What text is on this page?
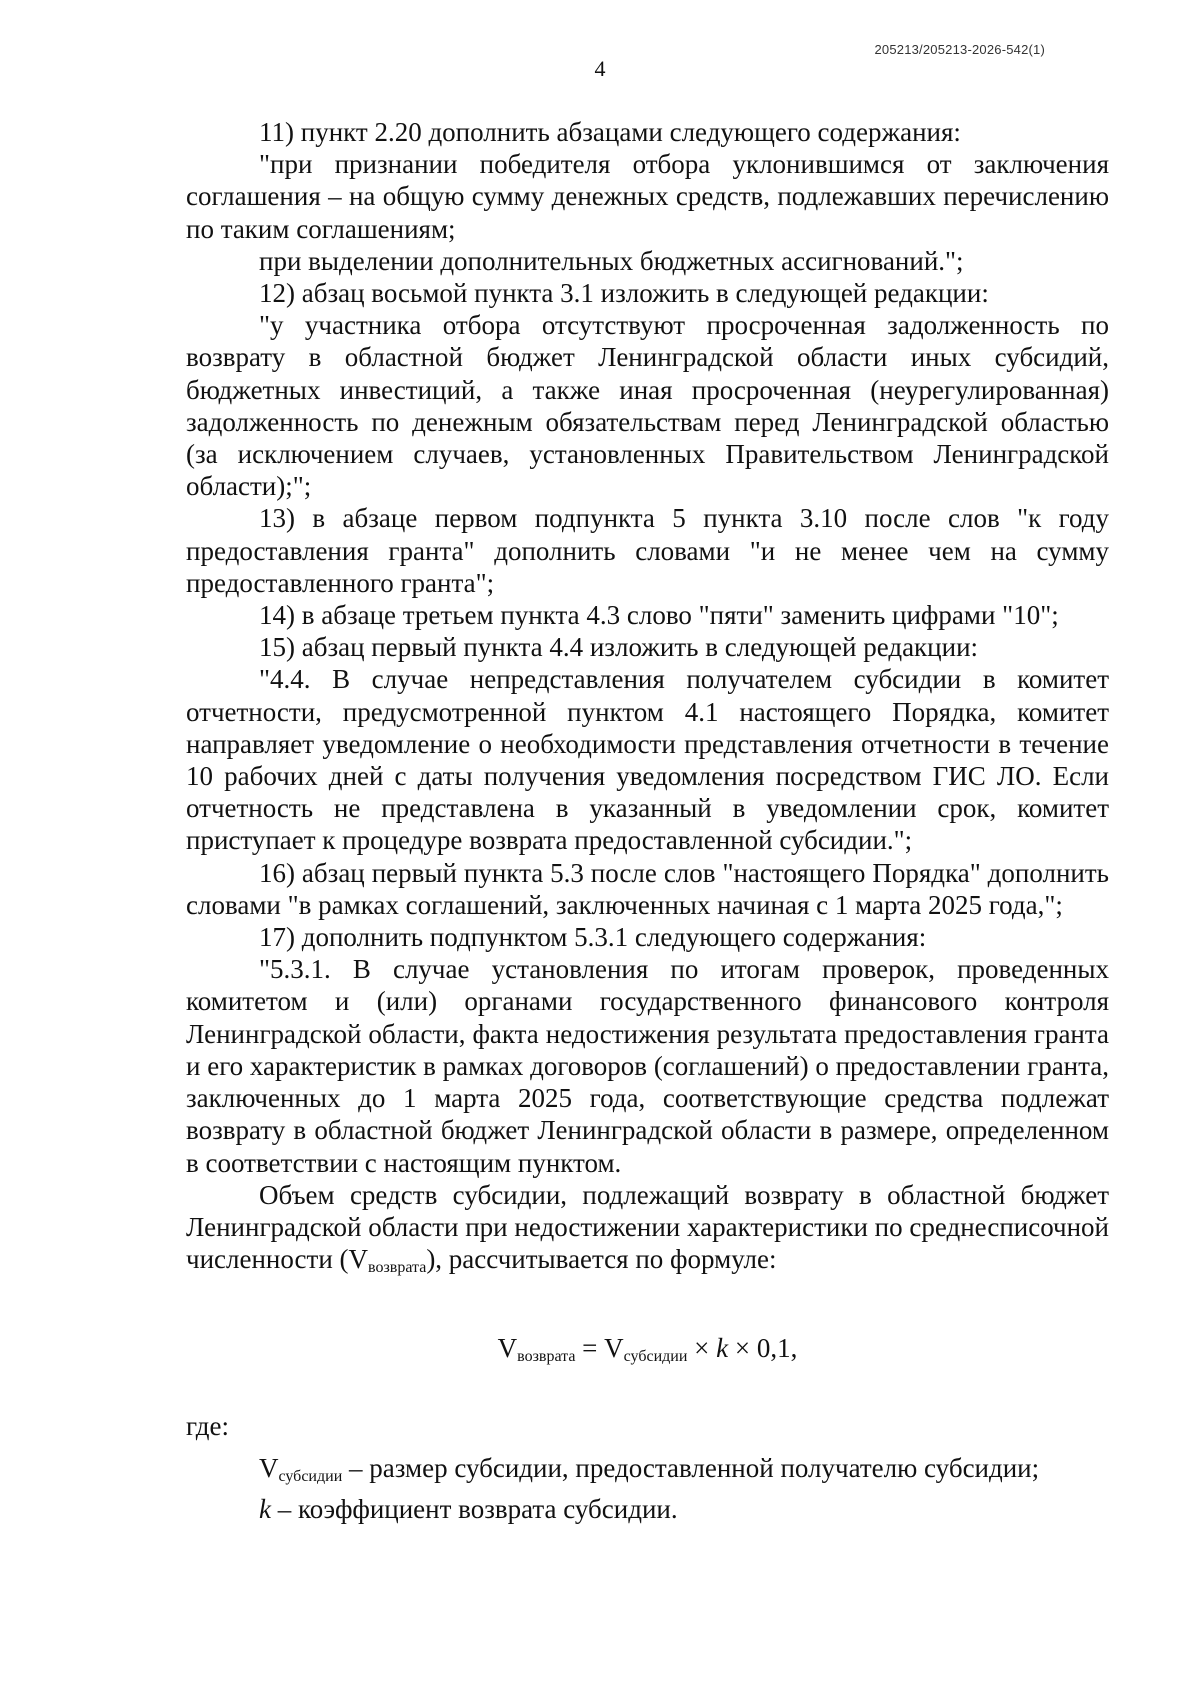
205213/205213-2026-542(1)
4

11) пункт 2.20 дополнить абзацами следующего содержания:

"при признании победителя отбора уклонившимся от заключения соглашения – на общую сумму денежных средств, подлежавших перечислению по таким соглашениям;

при выделении дополнительных бюджетных ассигнований.";

12) абзац восьмой пункта 3.1 изложить в следующей редакции:

"у участника отбора отсутствуют просроченная задолженность по возврату в областной бюджет Ленинградской области иных субсидий, бюджетных инвестиций, а также иная просроченная (неурегулированная) задолженность по денежным обязательствам перед Ленинградской областью (за исключением случаев, установленных Правительством Ленинградской области);";

13) в абзаце первом подпункта 5 пункта 3.10 после слов "к году предоставления гранта" дополнить словами "и не менее чем на сумму предоставленного гранта";

14) в абзаце третьем пункта 4.3 слово "пяти" заменить цифрами "10";

15) абзац первый пункта 4.4 изложить в следующей редакции:

"4.4. В случае непредставления получателем субсидии в комитет отчетности, предусмотренной пунктом 4.1 настоящего Порядка, комитет направляет уведомление о необходимости представления отчетности в течение 10 рабочих дней с даты получения уведомления посредством ГИС ЛО. Если отчетность не представлена в указанный в уведомлении срок, комитет приступает к процедуре возврата предоставленной субсидии.";

16) абзац первый пункта 5.3 после слов "настоящего Порядка" дополнить словами "в рамках соглашений, заключенных начиная с 1 марта 2025 года,";

17) дополнить подпунктом 5.3.1 следующего содержания:

"5.3.1. В случае установления по итогам проверок, проведенных комитетом и (или) органами государственного финансового контроля Ленинградской области, факта недостижения результата предоставления гранта и его характеристик в рамках договоров (соглашений) о предоставлении гранта, заключенных до 1 марта 2025 года, соответствующие средства подлежат возврату в областной бюджет Ленинградской области в размере, определенном в соответствии с настоящим пунктом.

Объем средств субсидии, подлежащий возврату в областной бюджет Ленинградской области при недостижении характеристики по среднесписочной численности $(V_{возврата})$, рассчитывается по формуле:

$V_{возврата} = V_{субсидии} \times k \times 0,1$,

где:

$V_{субсидии}$ – размер субсидии, предоставленной получателю субсидии;

k – коэффициент возврата субсидии.
